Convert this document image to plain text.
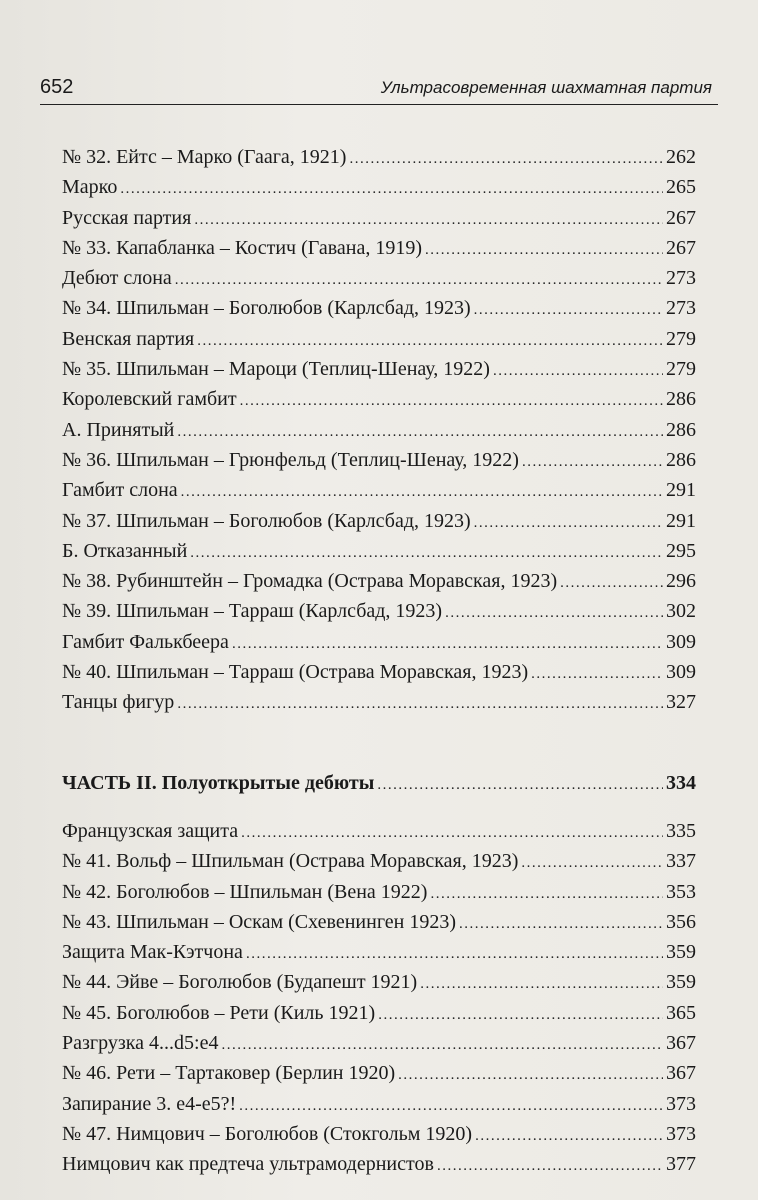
652	Ультрасовременная шахматная партия
№ 32. Ейтс – Марко (Гаага, 1921) .....	262
Марко .....	265
Русская партия .....	267
№ 33. Капабланка – Костич (Гавана, 1919) .....	267
Дебют слона .....	273
№ 34. Шпильман – Боголюбов (Карлсбад, 1923) .....	273
Венская партия .....	279
№ 35. Шпильман – Мароци (Теплиц-Шенау, 1922) .....	279
Королевский гамбит .....	286
А. Принятый .....	286
№ 36. Шпильман – Грюнфельд (Теплиц-Шенау, 1922) .....	286
Гамбит слона .....	291
№ 37. Шпильман – Боголюбов (Карлсбад, 1923) .....	291
Б. Отказанный .....	295
№ 38. Рубинштейн – Громадка (Острава Моравская, 1923) .....	296
№ 39. Шпильман – Тарраш (Карлсбад, 1923) .....	302
Гамбит Фалькбеера .....	309
№ 40. Шпильман – Тарраш (Острава Моравская, 1923) .....	309
Танцы фигур .....	327
ЧАСТЬ II. Полуоткрытые дебюты .....	334
Французская защита .....	335
№ 41. Вольф – Шпильман (Острава Моравская, 1923) .....	337
№ 42. Боголюбов – Шпильман (Вена 1922) .....	353
№ 43. Шпильман – Оскам (Схевенинген 1923) .....	356
Защита Мак-Кэтчона .....	359
№ 44. Эйве – Боголюбов (Будапешт 1921) .....	359
№ 45. Боголюбов – Рети (Киль 1921) .....	365
Разгрузка 4...d5:e4 .....	367
№ 46. Рети – Тартаковер (Берлин 1920) .....	367
Запирание 3. e4-e5?! .....	373
№ 47. Нимцович – Боголюбов (Стокгольм 1920) .....	373
Нимцович как предтеча ультрамодернистов .....	377
